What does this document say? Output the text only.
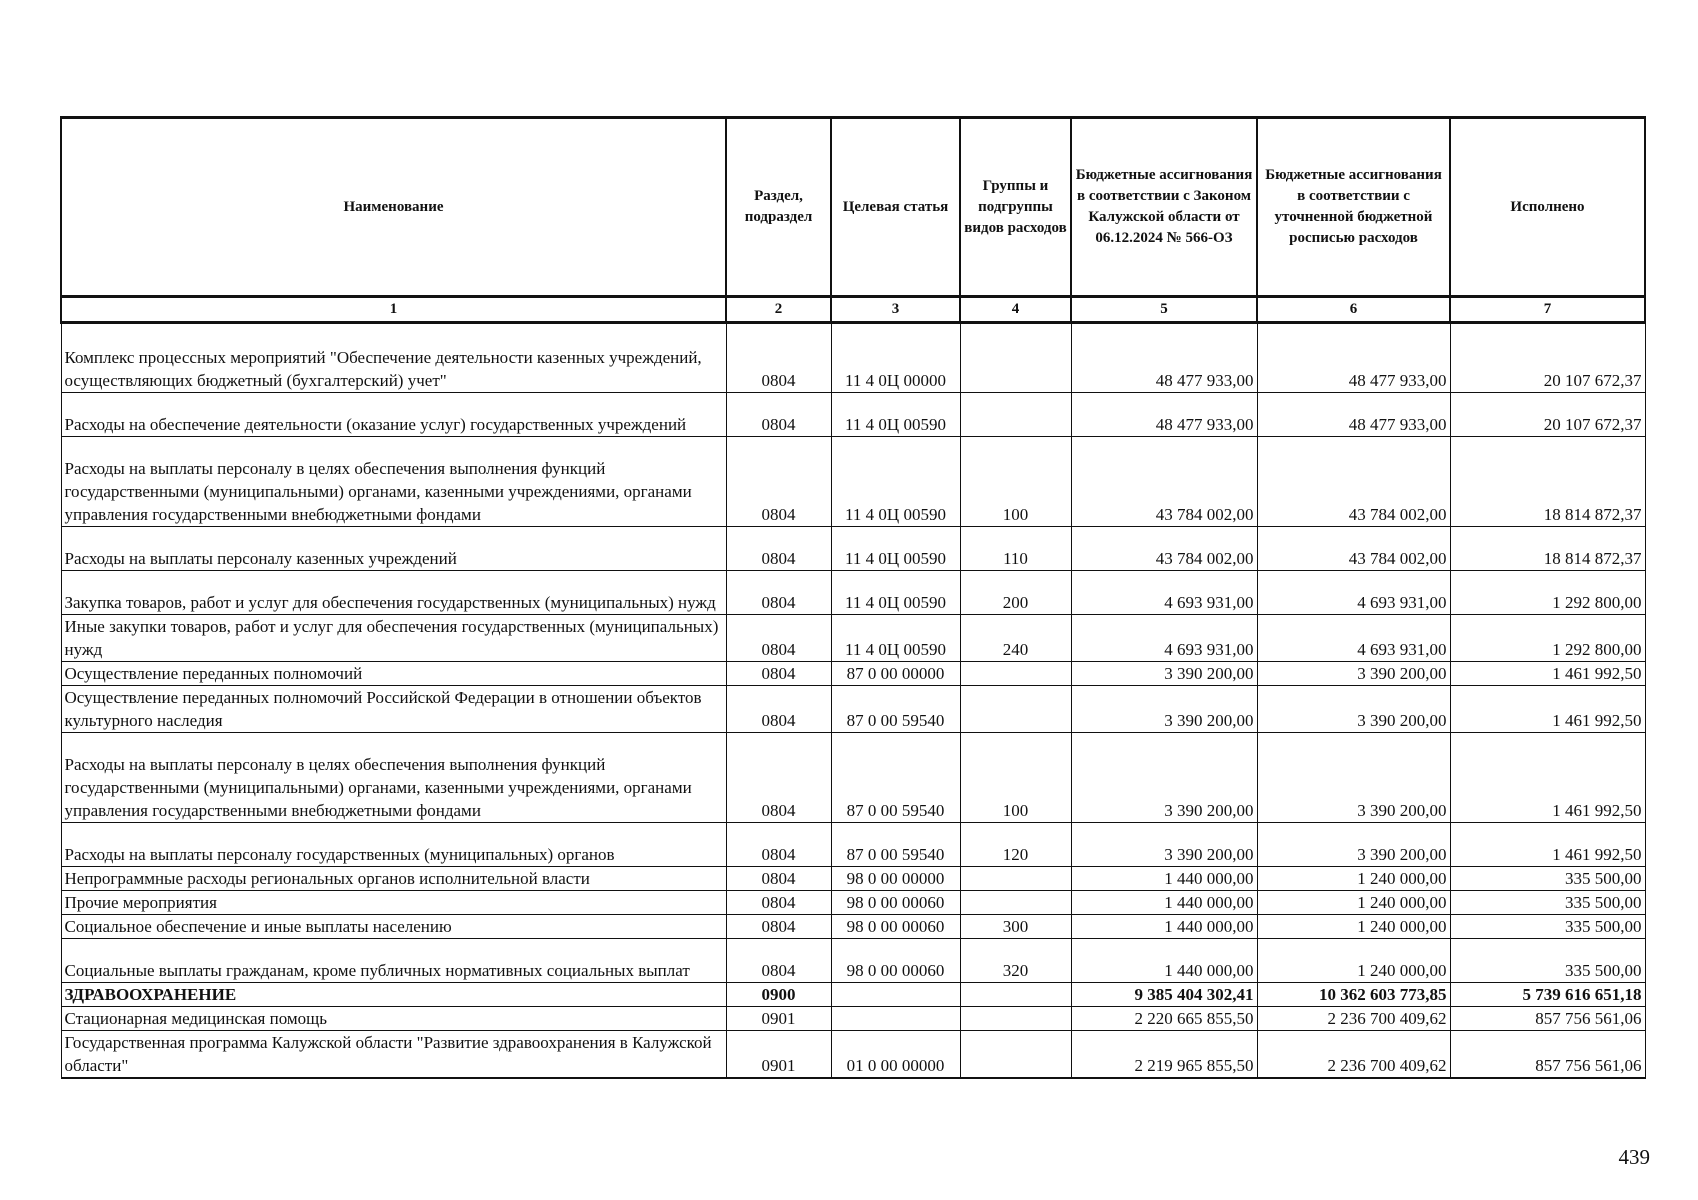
Наименование	Раздел, подраздел	Целевая статья	Группы и подгруппы видов расходов	Бюджетные ассигнования в соответствии с Законом Калужской области от 06.12.2024 № 566-ОЗ	Бюджетные ассигнования в соответствии с уточненной бюджетной росписью расходов	Исполнено
1	2	3	4	5	6	7
Комплекс процессных мероприятий "Обеспечение деятельности казенных учреждений, осуществляющих бюджетный (бухгалтерский) учет"	0804	11 4 0Ц 00000		48 477 933,00	48 477 933,00	20 107 672,37
Расходы на обеспечение деятельности (оказание услуг) государственных учреждений	0804	11 4 0Ц 00590		48 477 933,00	48 477 933,00	20 107 672,37
Расходы на выплаты персоналу в целях обеспечения выполнения функций государственными (муниципальными) органами, казенными учреждениями, органами управления государственными внебюджетными фондами	0804	11 4 0Ц 00590	100	43 784 002,00	43 784 002,00	18 814 872,37
Расходы на выплаты персоналу казенных учреждений	0804	11 4 0Ц 00590	110	43 784 002,00	43 784 002,00	18 814 872,37
Закупка товаров, работ и услуг для обеспечения государственных (муниципальных) нужд	0804	11 4 0Ц 00590	200	4 693 931,00	4 693 931,00	1 292 800,00
Иные закупки товаров, работ и услуг для обеспечения государственных (муниципальных) нужд	0804	11 4 0Ц 00590	240	4 693 931,00	4 693 931,00	1 292 800,00
Осуществление переданных полномочий	0804	87 0 00 00000		3 390 200,00	3 390 200,00	1 461 992,50
Осуществление переданных полномочий Российской Федерации в отношении объектов культурного наследия	0804	87 0 00 59540		3 390 200,00	3 390 200,00	1 461 992,50
Расходы на выплаты персоналу в целях обеспечения выполнения функций государственными (муниципальными) органами, казенными учреждениями, органами управления государственными внебюджетными фондами	0804	87 0 00 59540	100	3 390 200,00	3 390 200,00	1 461 992,50
Расходы на выплаты персоналу государственных (муниципальных) органов	0804	87 0 00 59540	120	3 390 200,00	3 390 200,00	1 461 992,50
Непрограммные расходы региональных органов исполнительной власти	0804	98 0 00 00000		1 440 000,00	1 240 000,00	335 500,00
Прочие мероприятия	0804	98 0 00 00060		1 440 000,00	1 240 000,00	335 500,00
Социальное обеспечение и иные выплаты населению	0804	98 0 00 00060	300	1 440 000,00	1 240 000,00	335 500,00
Социальные выплаты гражданам, кроме публичных нормативных социальных выплат	0804	98 0 00 00060	320	1 440 000,00	1 240 000,00	335 500,00
ЗДРАВООХРАНЕНИЕ	0900			9 385 404 302,41	10 362 603 773,85	5 739 616 651,18
Стационарная медицинская помощь	0901			2 220 665 855,50	2 236 700 409,62	857 756 561,06
Государственная программа Калужской области "Развитие здравоохранения в Калужской области"	0901	01 0 00 00000		2 219 965 855,50	2 236 700 409,62	857 756 561,06
439
